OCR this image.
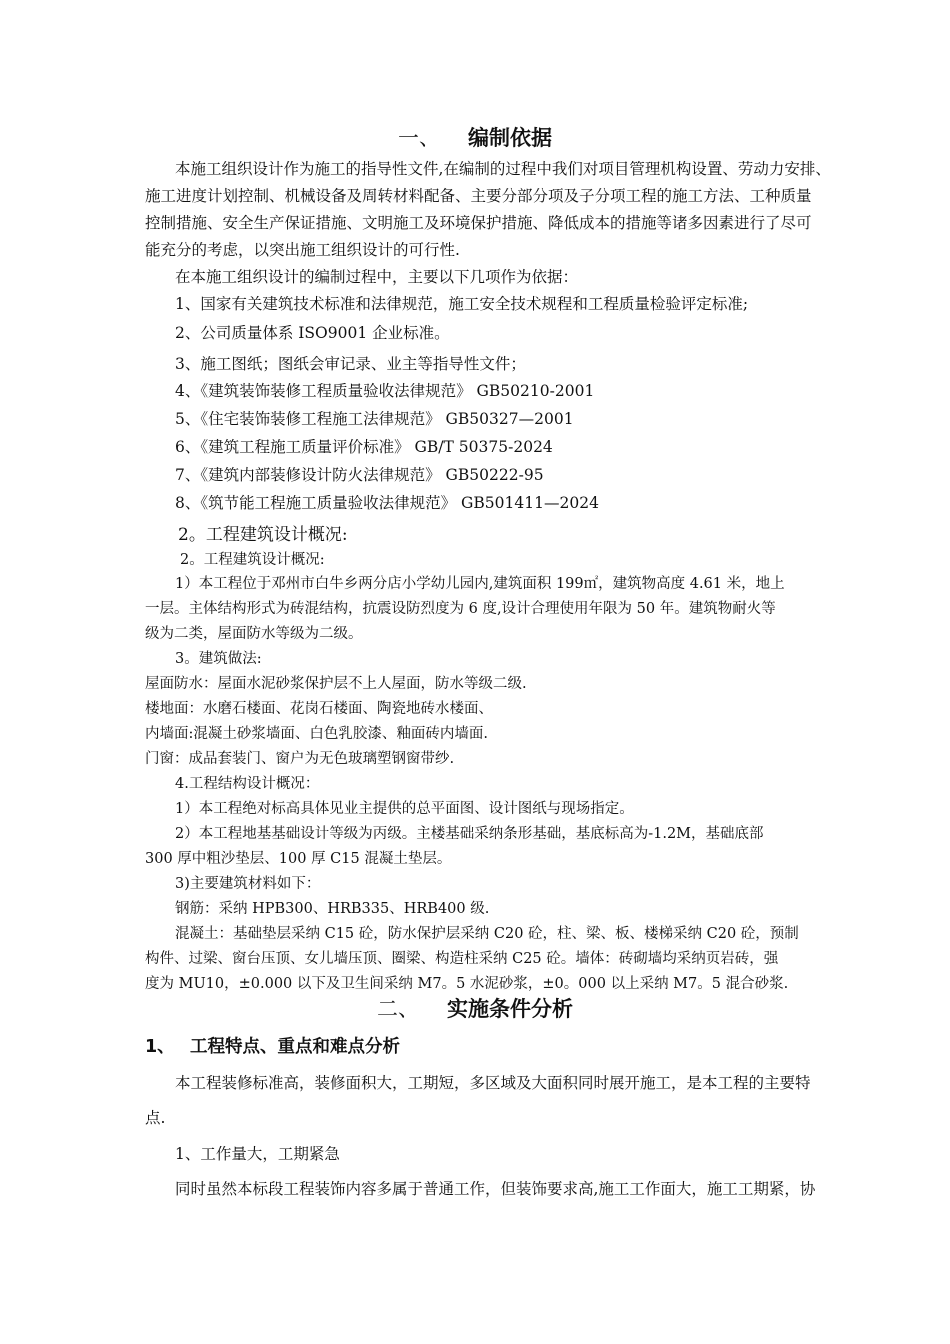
一、 编制依据
本施工组织设计作为施工的指导性文件,在编制的过程中我们对项目管理机构设置、劳动力安排、
施工进度计划控制、机械设备及周转材料配备、主要分部分项及子分项工程的施工方法、工种质量
控制措施、安全生产保证措施、文明施工及环境保护措施、降低成本的措施等诸多因素进行了尽可
能充分的考虑，以突出施工组织设计的可行性.
在本施工组织设计的编制过程中，主要以下几项作为依据：
1、国家有关建筑技术标准和法律规范，施工安全技术规程和工程质量检验评定标准;
2、公司质量体系 ISO9001 企业标准。
3、施工图纸；图纸会审记录、业主等指导性文件；
4、《建筑装饰装修工程质量验收法律规范》 GB50210-2001
5、《住宅装饰装修工程施工法律规范》 GB50327—2001
6、《建筑工程施工质量评价标准》 GB/T 50375-2024
7、《建筑内部装修设计防火法律规范》 GB50222-95
8、《筑节能工程施工质量验收法律规范》 GB501411—2024
2。工程建筑设计概况:
2。工程建筑设计概况:
1）本工程位于邓州市白牛乡两分店小学幼儿园内,建筑面积 199㎡，建筑物高度 4.61 米，地上
一层。主体结构形式为砖混结构，抗震设防烈度为 6 度,设计合理使用年限为 50 年。建筑物耐火等
级为二类，屋面防水等级为二级。
3。建筑做法:
屋面防水：屋面水泥砂浆保护层不上人屋面，防水等级二级.
楼地面：水磨石楼面、花岗石楼面、陶瓷地砖水楼面、
内墙面:混凝土砂浆墙面、白色乳胶漆、釉面砖内墙面.
门窗：成品套装门、窗户为无色玻璃塑钢窗带纱.
4.工程结构设计概况：
1）本工程绝对标高具体见业主提供的总平面图、设计图纸与现场指定。
2）本工程地基基础设计等级为丙级。主楼基础采纳条形基础，基底标高为-1.2M，基础底部
300 厚中粗沙垫层、100 厚 C15 混凝土垫层。
3)主要建筑材料如下：
钢筋：采纳 HPB300、HRB335、HRB400 级.
混凝土：基础垫层采纳 C15 砼，防水保护层采纳 C20 砼，柱、梁、板、楼梯采纳 C20 砼，预制
构件、过梁、窗台压顶、女儿墙压顶、圈梁、构造柱采纳 C25 砼。墙体：砖砌墙均采纳页岩砖，强
度为 MU10，±0.000 以下及卫生间采纳 M7。5 水泥砂浆，±0。000 以上采纳 M7。5 混合砂浆.
二、 实施条件分析
1、 工程特点、重点和难点分析
本工程装修标准高，装修面积大，工期短，多区域及大面积同时展开施工，是本工程的主要特
点.
1、工作量大，工期紧急
同时虽然本标段工程装饰内容多属于普通工作，但装饰要求高,施工工作面大，施工工期紧，协
